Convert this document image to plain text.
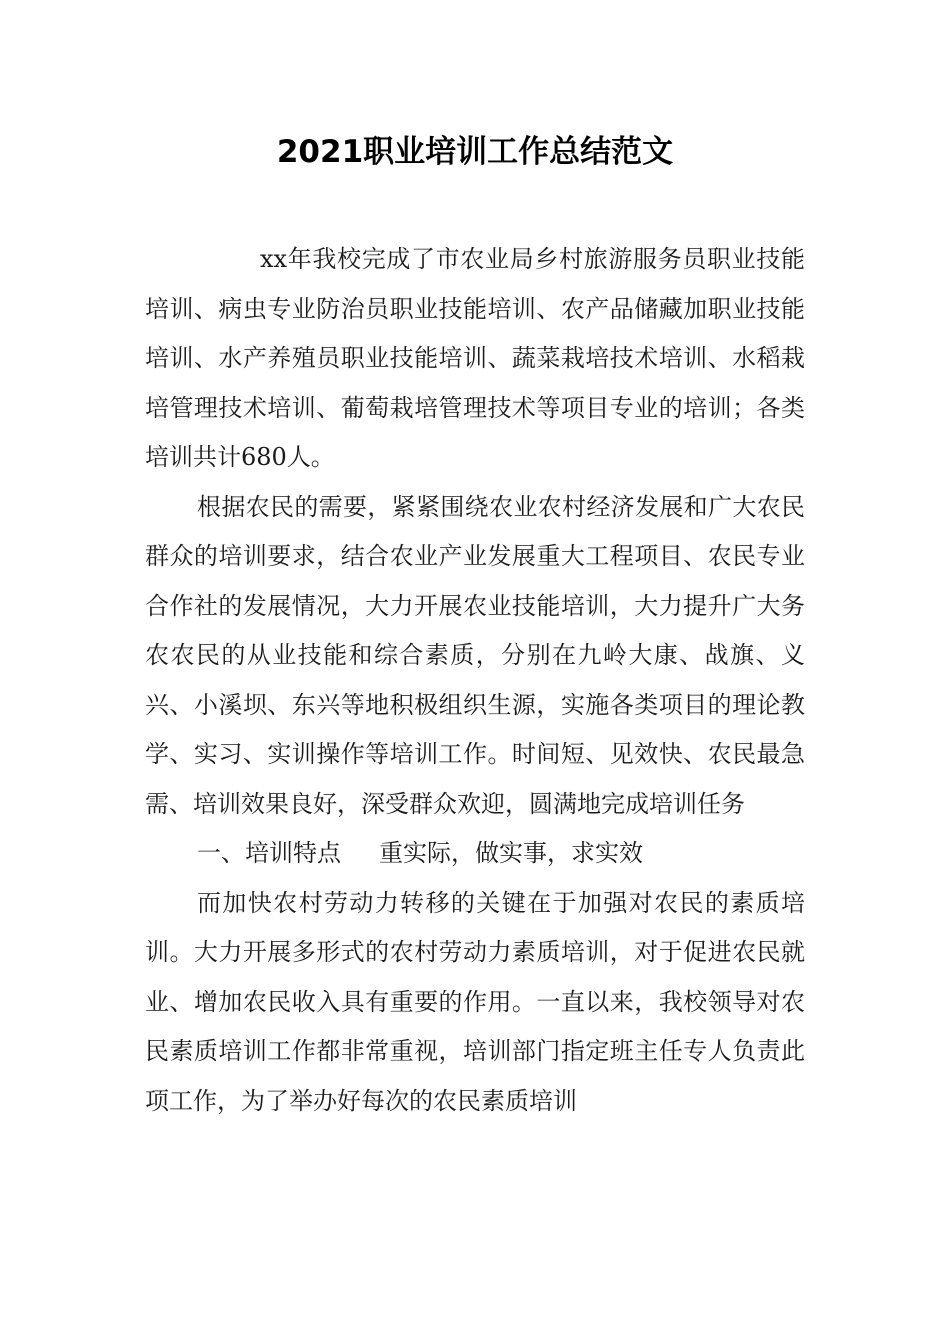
2021职业培训工作总结范文

xx年我校完成了市农业局乡村旅游服务员职业技能培训、病虫专业防治员职业技能培训、农产品储藏加职业技能培训、水产养殖员职业技能培训、蔬菜栽培技术培训、水稻栽培管理技术培训、葡萄栽培管理技术等项目专业的培训；各类培训共计680人。

根据农民的需要，紧紧围绕农业农村经济发展和广大农民群众的培训要求，结合农业产业发展重大工程项目、农民专业合作社的发展情况，大力开展农业技能培训，大力提升广大务农农民的从业技能和综合素质，分别在九岭大康、战旗、义兴、小溪坝、东兴等地积极组织生源，实施各类项目的理论教学、实习、实训操作等培训工作。时间短、见效快、农民最急需、培训效果良好，深受群众欢迎，圆满地完成培训任务

一、培训特点 重实际，做实事，求实效

而加快农村劳动力转移的关键在于加强对农民的素质培训。大力开展多形式的农村劳动力素质培训，对于促进农民就业、增加农民收入具有重要的作用。一直以来，我校领导对农民素质培训工作都非常重视，培训部门指定班主任专人负责此项工作，为了举办好每次的农民素质培训
